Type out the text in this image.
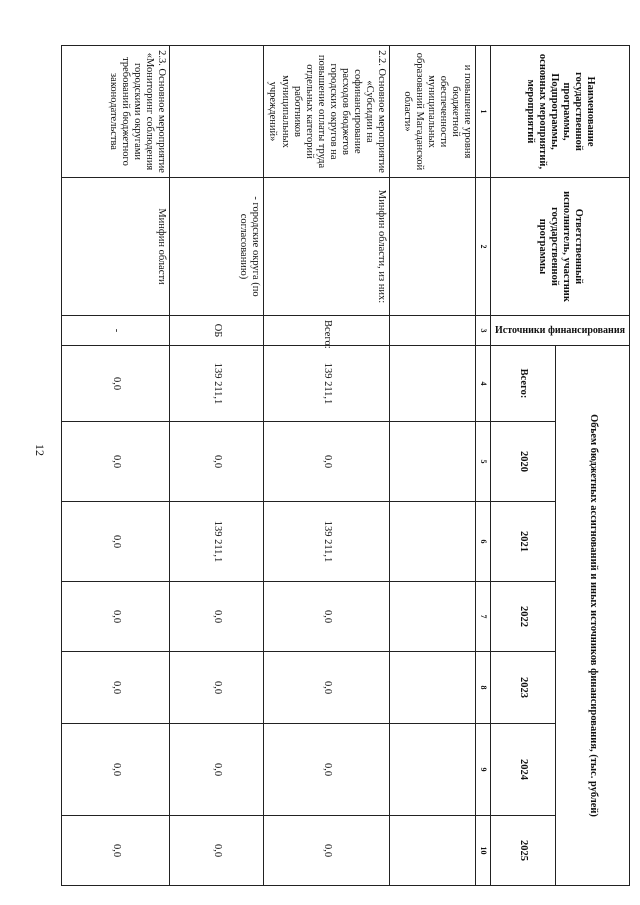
12
Наименование государственной программы, Подпрограммы, основных мероприятий, мероприятий	Ответственный исполнитель, участник государственной программы	Источники финансирования	Объем бюджетных ассигнований и иных источников финансирования, (тыс. рублей)						
			Всего:	2020	2021	2022	2023	2024	2025
1	2	3	4	5	6	7	8	9	10
и повышение уровня бюджетной обеспеченности муниципальных образований Магаданской области»									
2.2. Основное мероприятие «Субсидии на софинансирование расходов бюджетов городских округов на повышение оплаты труда отдельных категорий работников муниципальных учреждений»	Минфин области, из них:	Всего:	139 211,1	0,0	139 211,1	0,0	0,0	0,0	0,0
	- городские округа (по согласованию)	ОБ	139 211,1	0,0	139 211,1	0,0	0,0	0,0	0,0
2.3. Основное мероприятие «Мониторинг соблюдения городскими округами требований бюджетного законодательства	Минфин области	-	0,0	0,0	0,0	0,0	0,0	0,0	0,0
